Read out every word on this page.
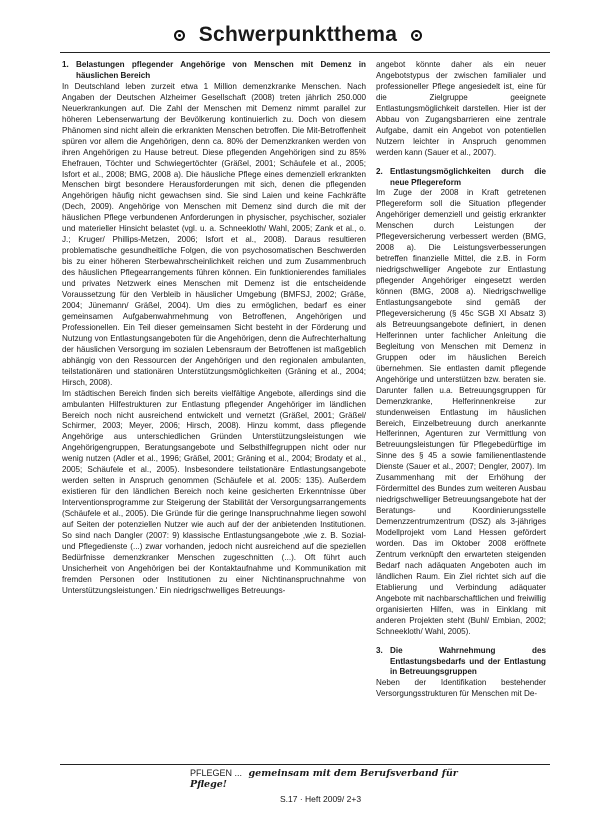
Schwerpunktthema
1. Belastungen pflegender Angehörige von Menschen mit Demenz in häuslichen Bereich

In Deutschland leben zurzeit etwa 1 Million demenzkranke Menschen. Nach Angaben der Deutschen Alzheimer Gesellschaft (2008) treten jährlich 250.000 Neuerkrankungen auf. Die Zahl der Menschen mit Demenz nimmt parallel zur höheren Lebenserwartung der Bevölkerung kontinuierlich zu. Doch von diesem Phänomen sind nicht allein die erkrankten Menschen betroffen. Die Mit-Betroffenheit spüren vor allem die Angehörigen, denn ca. 80% der Demenzkranken werden von ihren Angehörigen zu Hause betreut. Diese pflegenden Angehörigen sind zu 85% Ehefrauen, Töchter und Schwiegertöchter (Gräßel, 2001; Schäufele et al., 2005; Isfort et al., 2008; BMG, 2008 a). Die häusliche Pflege eines demenziell erkrankten Menschen birgt besondere Herausforderungen mit sich, denen die pflegenden Angehörigen häufig nicht gewachsen sind. Sie sind Laien und keine Fachkräfte (Dech, 2009). Angehörige von Menschen mit Demenz sind durch die mit der häuslichen Pflege verbundenen Anforderungen in physischer, psychischer, sozialer und materieller Hinsicht belastet (vgl. u. a. Schneekloth/ Wahl, 2005; Zank et al., o. J.; Kruger/ Phillips-Metzen, 2006; Isfort et al., 2008). Daraus resultieren problematische gesundheitliche Folgen, die von psychosomatischen Beschwerden bis zu einer höheren Sterbewahrscheinlichkeit reichen und zum Zusammenbruch des häuslichen Pflegearrangements führen können. Ein funktionierendes familiales und privates Netzwerk eines Menschen mit Demenz ist die entscheidende Voraussetzung für den Verbleib in häuslicher Umgebung (BMFSJ, 2002; Gräße, 2004; Jünemann/ Gräßel, 2004). Um dies zu ermöglichen, bedarf es einer gemeinsamen Aufgabenwahrnehmung von Betroffenen, Angehörigen und Professionellen. Ein Teil dieser gemeinsamen Sicht besteht in der Förderung und Nutzung von Entlastungsangeboten für die Angehörigen, denn die Aufrechterhaltung der häuslichen Versorgung im sozialen Lebensraum der Betroffenen ist maßgeblich abhängig von den Ressourcen der Angehörigen und den regionalen ambulanten, teilstationären und stationären Unterstützungsmöglichkeiten (Gräning et al., 2004; Hirsch, 2008).

Im städtischen Bereich finden sich bereits vielfältige Angebote, allerdings sind die ambulanten Hilfestrukturen zur Entlastung pflegender Angehöriger im ländlichen Bereich noch nicht ausreichend entwickelt und vernetzt (Gräßel, 2001; Gräßel/ Schirmer, 2003; Meyer, 2006; Hirsch, 2008). Hinzu kommt, dass pflegende Angehörige aus unterschiedlichen Gründen Unterstützungsleistungen wie Angehörigengruppen, Beratungsangebote und Selbsthilfegruppen nicht oder nur wenig nutzen (Adler et al., 1996; Gräßel, 2001; Gräning et al., 2004; Brodaty et al., 2005; Schäufele et al., 2005). Insbesondere teilstationäre Entlastungsangebote werden selten in Anspruch genommen (Schäufele et al. 2005: 135). Außerdem existieren für den ländlichen Bereich noch keine gesicherten Erkenntnisse über Interventionsprogramme zur Steigerung der Stabilität der Versorgungsarrangements (Schäufele et al., 2005). Die Gründe für die geringe Inanspruchnahme liegen sowohl auf Seiten der potenziellen Nutzer wie auch auf der der anbietenden Institutionen. So sind nach Dangler (2007: 9) klassische Entlastungsangebote ,wie z. B. Sozial- und Pflegedienste (...) zwar vorhanden, jedoch nicht ausreichend auf die speziellen Bedürfnisse demenzkranker Menschen zugeschnitten (...). Oft führt auch Unsicherheit von Angehörigen bei der Kontaktaufnahme und Kommunikation mit fremden Personen oder Institutionen zu einer Nichtinanspruchnahme von Unterstützungsleistungen.' Ein niedrigschwelliges Betreuungs-

angebot könnte daher als ein neuer Angebotstypus der zwischen familialer und professioneller Pflege angesiedelt ist, eine für die Zielgruppe geeignete Entlastungsmöglichkeit darstellen. Hier ist der Abbau von Zugangsbarrieren eine zentrale Aufgabe, damit ein Angebot von potentiellen Nutzern leichter in Anspruch genommen werden kann (Sauer et al., 2007).

2. Entlastungsmöglichkeiten durch die neue Pflegereform

Im Zuge der 2008 in Kraft getretenen Pflegereform soll die Situation pflegender Angehöriger demenziell und geistig erkrankter Menschen durch Leistungen der Pflegeversicherung verbessert werden (BMG, 2008 a). Die Leistungsverbesserungen betreffen finanzielle Mittel, die z.B. in Form niedrigschwelliger Angebote zur Entlastung pflegender Angehöriger eingesetzt werden können (BMG, 2008 a). Niedrigschwellige Entlastungsangebote sind gemäß der Pflegeversicherung (§ 45c SGB XI Absatz 3) als Betreuungsangebote definiert, in denen Helferinnen unter fachlicher Anleitung die Begleitung von Menschen mit Demenz in Gruppen oder im häuslichen Bereich übernehmen. Sie entlasten damit pflegende Angehörige und unterstützen bzw. beraten sie. Darunter fallen u.a. Betreuungsgruppen für Demenzkranke, Helferinnenkreise zur stundenweisen Entlastung im häuslichen Bereich, Einzelbetreuung durch anerkannte Helferinnen, Agenturen zur Vermittlung von Betreuungsleistungen für Pflegebedürftige im Sinne des § 45 a sowie familienentlastende Dienste (Sauer et al., 2007; Dengler, 2007). Im Zusammenhang mit der Erhöhung der Fördermittel des Bundes zum weiteren Ausbau niedrigschwelliger Betreuungsangebote hat der Beratungs- und Koordinierungsstelle Demenzzentrumzentrum (DSZ) als 3-jähriges Modellprojekt vom Land Hessen gefördert worden. Das im Oktober 2008 eröffnete Zentrum verknüpft den erwarteten steigenden Bedarf nach adäquaten Angeboten auch im ländlichen Raum. Ein Ziel richtet sich auf die Etablierung und Verbindung adäquater Angebote mit nachbarschaftlichen und freiwillig organisierten Hilfen, was in Einklang mit anderen Projekten steht (Buhl/ Embian, 2002; Schneekloth/ Wahl, 2005).

3. Die Wahrnehmung des Entlastungsbedarfs und der Entlastung in Betreuungsgruppen

Neben der Identifikation bestehender Versorgungsstrukturen für Menschen mit De-

PFLEGEN ... gemeinsam mit dem Berufsverband für Pflege!
S.17 · Heft 2009/ 2+3
